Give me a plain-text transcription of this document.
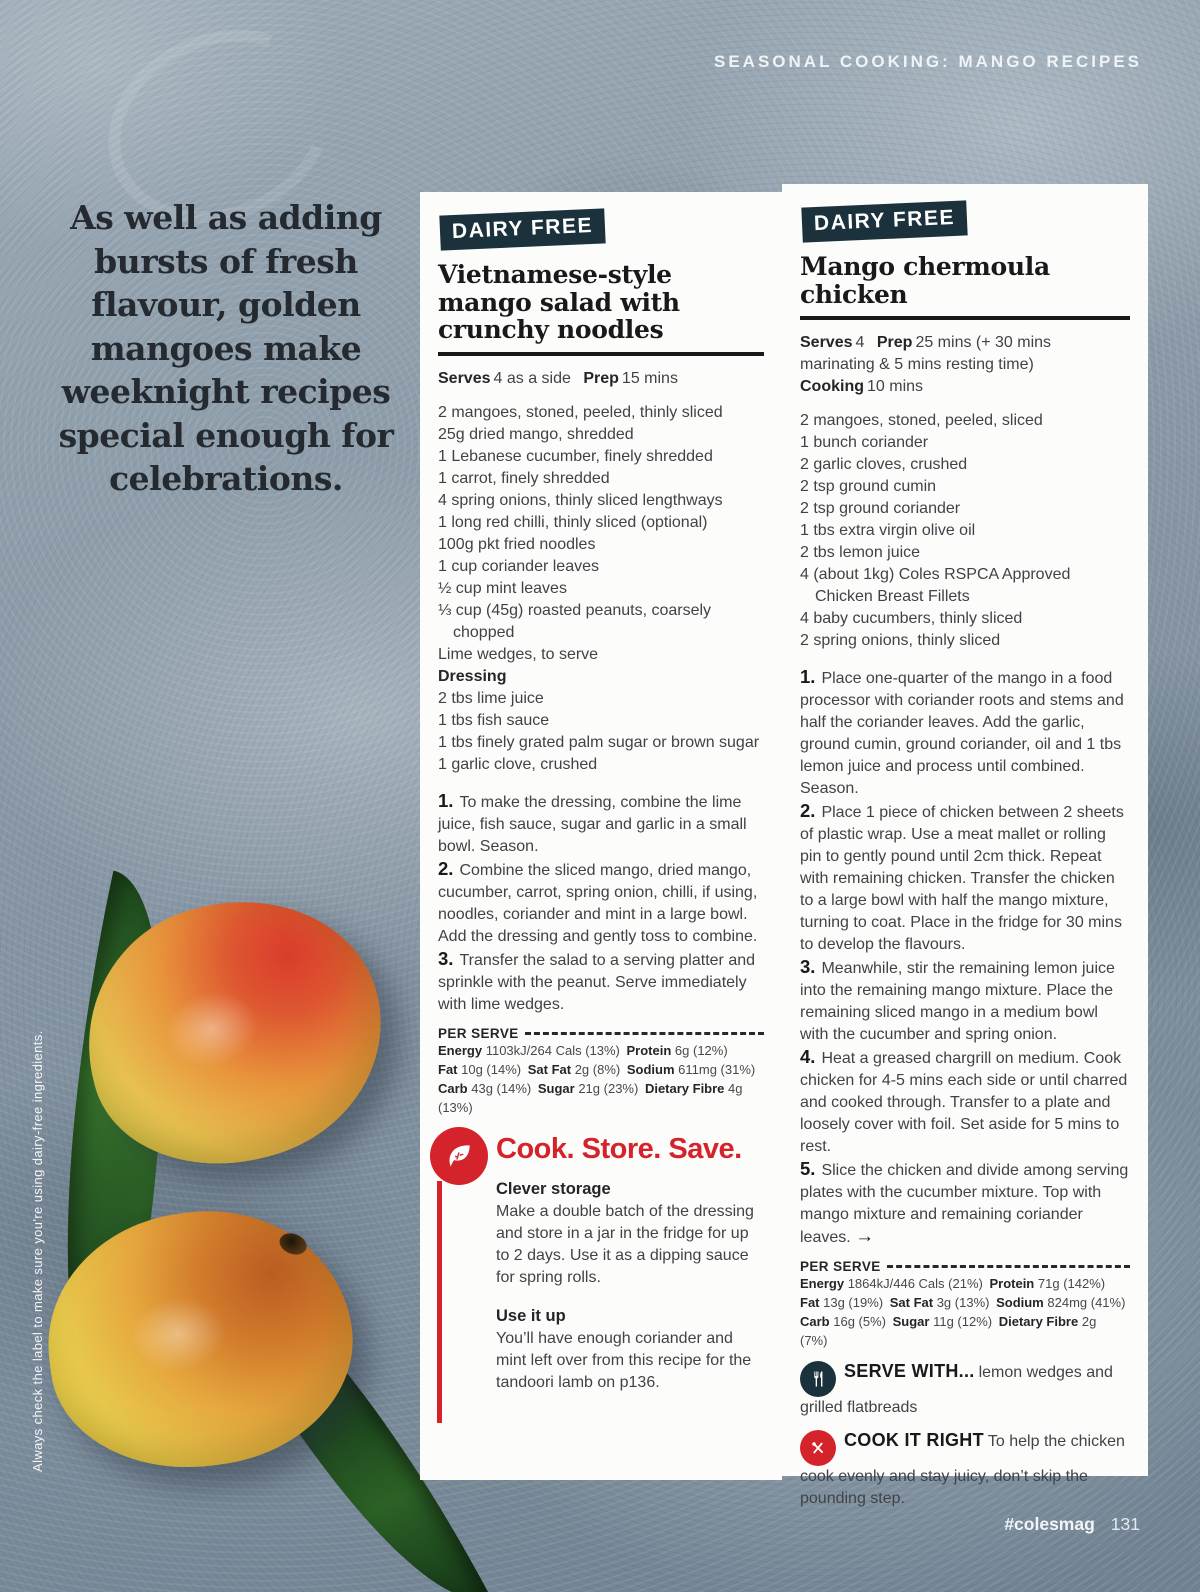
SEASONAL COOKING: MANGO RECIPES
As well as adding bursts of fresh flavour, golden mangoes make weeknight recipes special enough for celebrations.
Always check the label to make sure you're using dairy-free ingredients.
DAIRY FREE
Vietnamese-style mango salad with crunchy noodles
Serves 4 as a side Prep 15 mins

2 mangoes, stoned, peeled, thinly sliced

25g dried mango, shredded

1 Lebanese cucumber, finely shredded

1 carrot, finely shredded

4 spring onions, thinly sliced lengthways

1 long red chilli, thinly sliced (optional)

100g pkt fried noodles

1 cup coriander leaves

½ cup mint leaves

⅓ cup (45g) roasted peanuts, coarsely chopped

Lime wedges, to serve

Dressing

2 tbs lime juice

1 tbs fish sauce

1 tbs finely grated palm sugar or brown sugar

1 garlic clove, crushed

1. To make the dressing, combine the lime juice, fish sauce, sugar and garlic in a small bowl. Season.

2. Combine the sliced mango, dried mango, cucumber, carrot, spring onion, chilli, if using, noodles, coriander and mint in a large bowl. Add the dressing and gently toss to combine.

3. Transfer the salad to a serving platter and sprinkle with the peanut. Serve immediately with lime wedges.

PER SERVE
Energy 1103kJ/264 Cals (13%) Protein 6g (12%)
Fat 10g (14%) Sat Fat 2g (8%) Sodium 611mg (31%)
Carb 43g (14%) Sugar 21g (23%) Dietary Fibre 4g (13%)
Cook. Store. Save.
Clever storage
Make a double batch of the dressing and store in a jar in the fridge for up to 2 days. Use it as a dipping sauce for spring rolls.
Use it up
You’ll have enough coriander and mint left over from this recipe for the tandoori lamb on p136.
DAIRY FREE
Mango chermoula chicken
Serves 4 Prep 25 mins (+ 30 mins marinating & 5 mins resting time) Cooking 10 mins

2 mangoes, stoned, peeled, sliced

1 bunch coriander

2 garlic cloves, crushed

2 tsp ground cumin

2 tsp ground coriander

1 tbs extra virgin olive oil

2 tbs lemon juice

4 (about 1kg) Coles RSPCA Approved Chicken Breast Fillets

4 baby cucumbers, thinly sliced

2 spring onions, thinly sliced

1. Place one-quarter of the mango in a food processor with coriander roots and stems and half the coriander leaves. Add the garlic, ground cumin, ground coriander, oil and 1 tbs lemon juice and process until combined. Season.

2. Place 1 piece of chicken between 2 sheets of plastic wrap. Use a meat mallet or rolling pin to gently pound until 2cm thick. Repeat with remaining chicken. Transfer the chicken to a large bowl with half the mango mixture, turning to coat. Place in the fridge for 30 mins to develop the flavours.

3. Meanwhile, stir the remaining lemon juice into the remaining mango mixture. Place the remaining sliced mango in a medium bowl with the cucumber and spring onion.

4. Heat a greased chargrill on medium. Cook chicken for 4-5 mins each side or until charred and cooked through. Transfer to a plate and loosely cover with foil. Set aside for 5 mins to rest.

5. Slice the chicken and divide among serving plates with the cucumber mixture. Top with mango mixture and remaining coriander leaves. →

PER SERVE
Energy 1864kJ/446 Cals (21%) Protein 71g (142%)
Fat 13g (19%) Sat Fat 3g (13%) Sodium 824mg (41%)
Carb 16g (5%) Sugar 11g (12%) Dietary Fibre 2g (7%)

SERVE WITH... lemon wedges and grilled flatbreads

COOK IT RIGHT To help the chicken cook evenly and stay juicy, don’t skip the pounding step.

#colesmag 131
